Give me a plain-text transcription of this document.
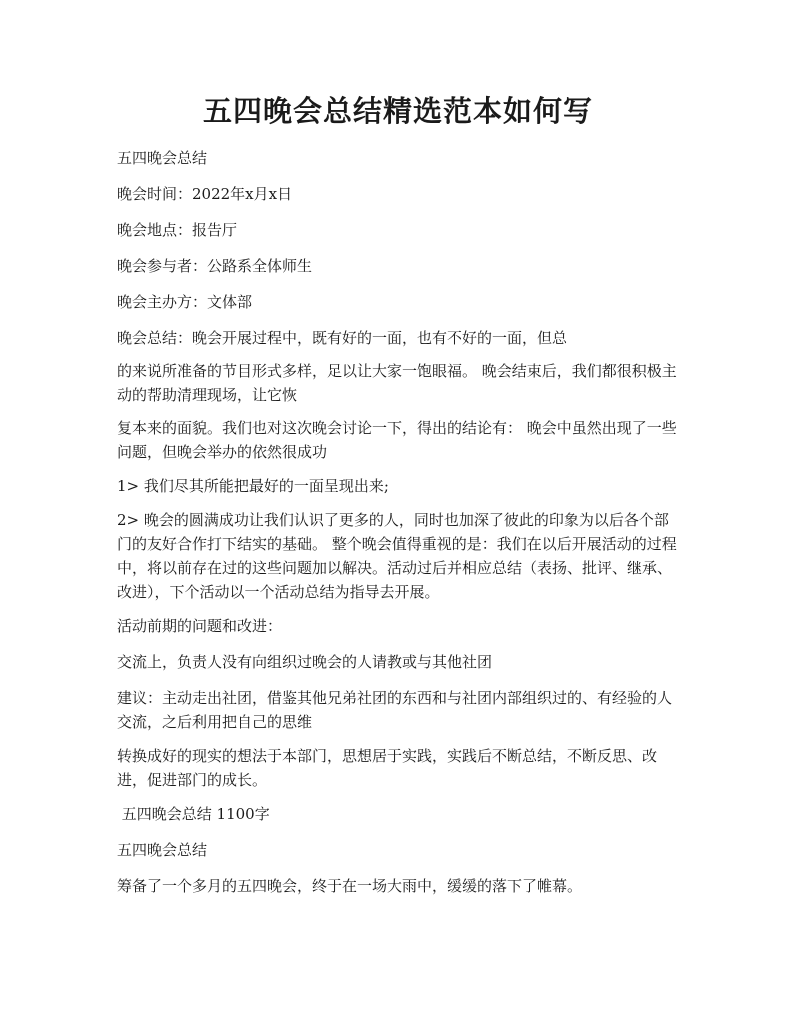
五四晚会总结精选范本如何写

五四晚会总结

晚会时间：2022年x月x日

晚会地点：报告厅

晚会参与者：公路系全体师生

晚会主办方：文体部

晚会总结：晚会开展过程中，既有好的一面，也有不好的一面，但总

的来说所准备的节目形式多样，足以让大家一饱眼福。 晚会结束后，我们都很积极主动的帮助清理现场，让它恢

复本来的面貌。我们也对这次晚会讨论一下，得出的结论有： 晚会中虽然出现了一些问题，但晚会举办的依然很成功

1> 我们尽其所能把最好的一面呈现出来;

2> 晚会的圆满成功让我们认识了更多的人，同时也加深了彼此的印象为以后各个部门的友好合作打下结实的基础。 整个晚会值得重视的是：我们在以后开展活动的过程中，将以前存在过的这些问题加以解决。活动过后并相应总结（表扬、批评、继承、改进），下个活动以一个活动总结为指导去开展。

活动前期的问题和改进：

交流上，负责人没有向组织过晚会的人请教或与其他社团

建议：主动走出社团，借鉴其他兄弟社团的东西和与社团内部组织过的、有经验的人交流，之后利用把自己的思维

转换成好的现实的想法于本部门，思想居于实践，实践后不断总结，不断反思、改进，促进部门的成长。

五四晚会总结 1100字

五四晚会总结

筹备了一个多月的五四晚会，终于在一场大雨中，缓缓的落下了帷幕。
